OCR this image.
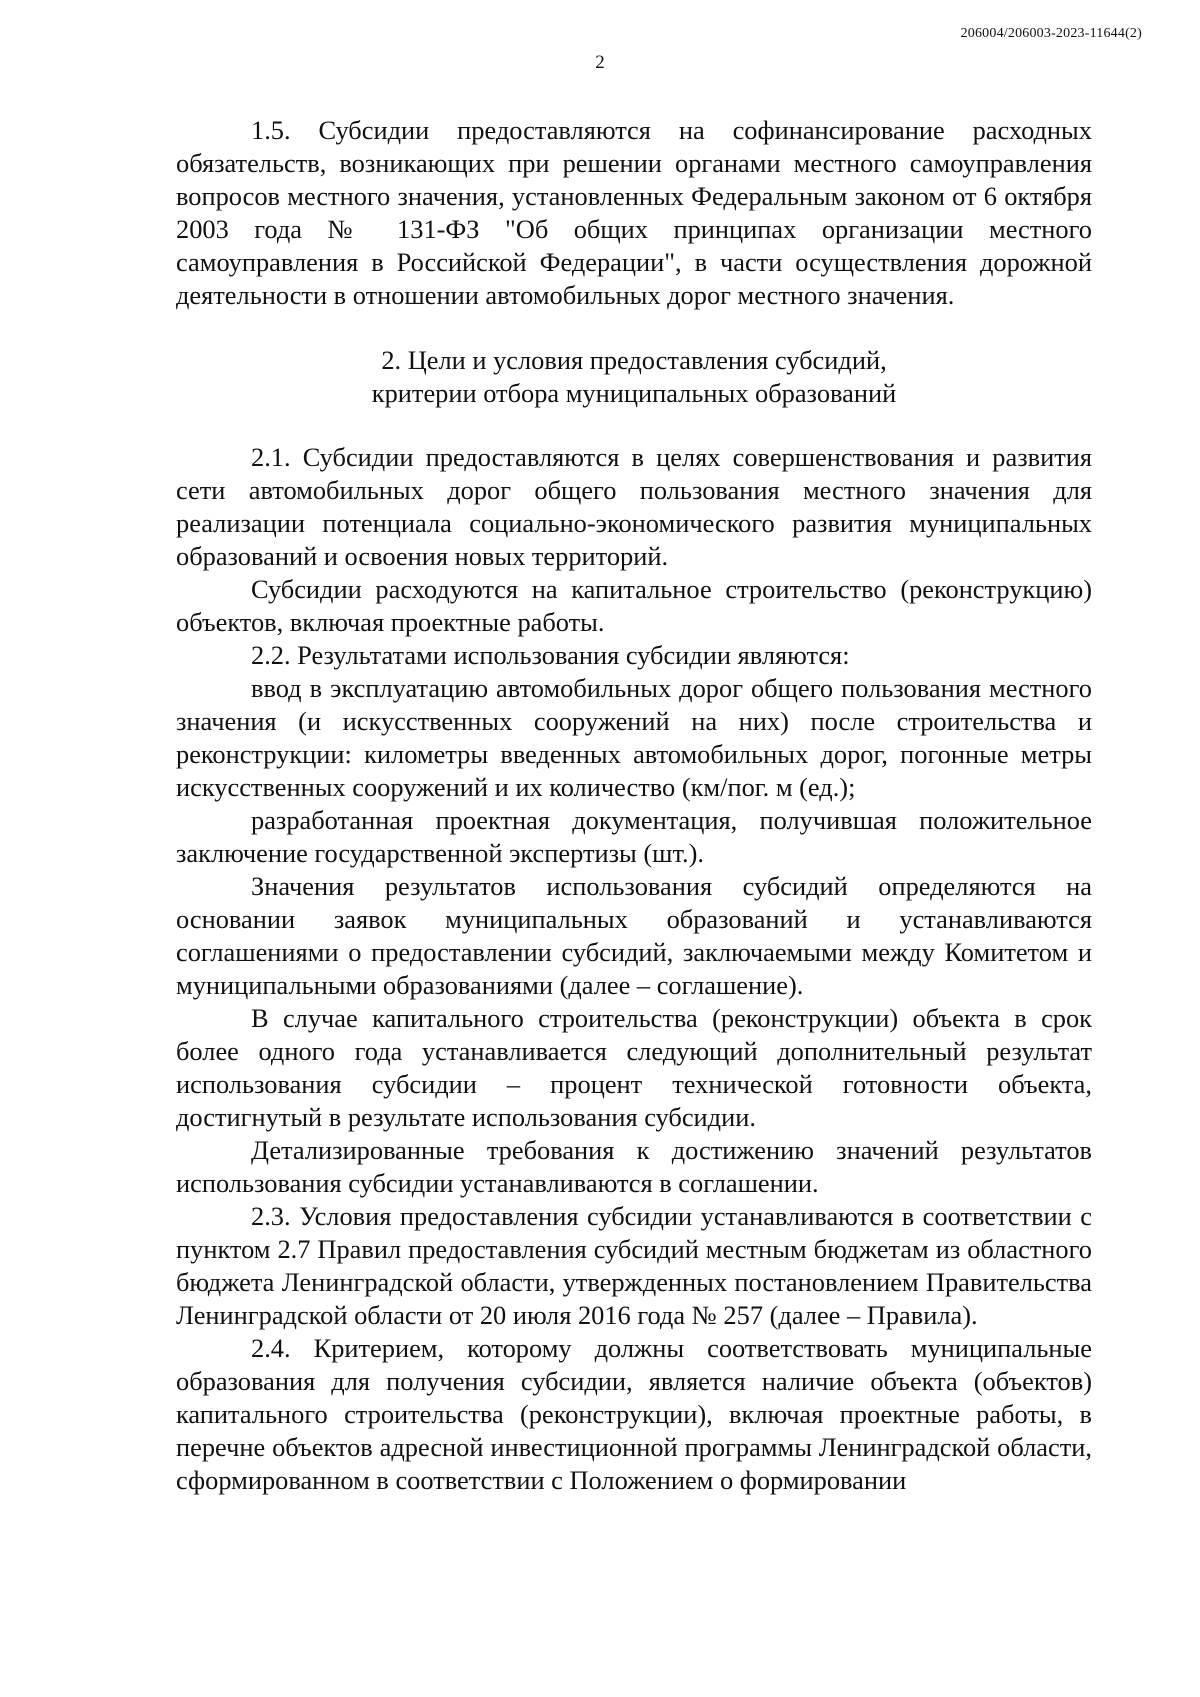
206004/206003-2023-11644(2)
2

1.5. Субсидии предоставляются на софинансирование расходных обязательств, возникающих при решении органами местного самоуправления вопросов местного значения, установленных Федеральным законом от 6 октября 2003 года № 131-ФЗ "Об общих принципах организации местного самоуправления в Российской Федерации", в части осуществления дорожной деятельности в отношении автомобильных дорог местного значения.

2. Цели и условия предоставления субсидий,

критерии отбора муниципальных образований

2.1. Субсидии предоставляются в целях совершенствования и развития сети автомобильных дорог общего пользования местного значения для реализации потенциала социально-экономического развития муниципальных образований и освоения новых территорий.

Субсидии расходуются на капитальное строительство (реконструкцию) объектов, включая проектные работы.

2.2. Результатами использования субсидии являются:

ввод в эксплуатацию автомобильных дорог общего пользования местного значения (и искусственных сооружений на них) после строительства и реконструкции: километры введенных автомобильных дорог, погонные метры искусственных сооружений и их количество (км/пог. м (ед.);

разработанная проектная документация, получившая положительное заключение государственной экспертизы (шт.).

Значения результатов использования субсидий определяются на основании заявок муниципальных образований и устанавливаются соглашениями о предоставлении субсидий, заключаемыми между Комитетом и муниципальными образованиями (далее – соглашение).

В случае капитального строительства (реконструкции) объекта в срок более одного года устанавливается следующий дополнительный результат использования субсидии – процент технической готовности объекта, достигнутый в результате использования субсидии.

Детализированные требования к достижению значений результатов использования субсидии устанавливаются в соглашении.

2.3. Условия предоставления субсидии устанавливаются в соответствии с пунктом 2.7 Правил предоставления субсидий местным бюджетам из областного бюджета Ленинградской области, утвержденных постановлением Правительства Ленинградской области от 20 июля 2016 года № 257 (далее – Правила).

2.4. Критерием, которому должны соответствовать муниципальные образования для получения субсидии, является наличие объекта (объектов) капитального строительства (реконструкции), включая проектные работы, в перечне объектов адресной инвестиционной программы Ленинградской области, сформированном в соответствии с Положением о формировании
